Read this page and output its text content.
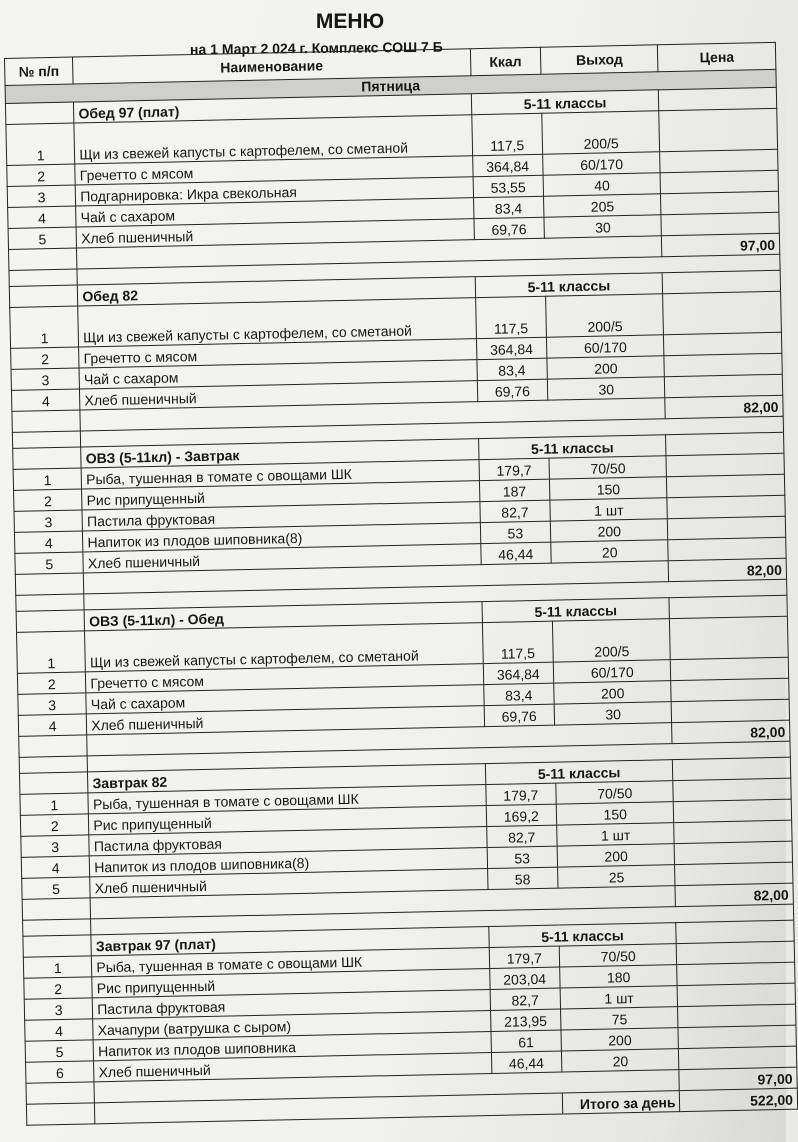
МЕНЮ
на 1 Март 2 024 г. Комплекс СОШ 7 Б
№ п/п	Наименование	Ккал	Выход	Цена
Пятница				
	Обед 97 (плат)	5-11 классы		
1	Щи из свежей капусты с картофелем, со сметаной	117,5	200/5	
2	Гречетто с мясом	364,84	60/170	
3	Подгарнировка: Икра свекольная	53,55	40	
4	Чай с сахаром	83,4	205	
5	Хлеб пшеничный	69,76	30	
				97,00

	Обед 82	5-11 классы		
1	Щи из свежей капусты с картофелем, со сметаной	117,5	200/5	
2	Гречетто с мясом	364,84	60/170	
3	Чай с сахаром	83,4	200	
4	Хлеб пшеничный	69,76	30	
				82,00

	ОВЗ (5-11кл) - Завтрак	5-11 классы		
1	Рыба, тушенная в томате с овощами ШК	179,7	70/50	
2	Рис припущенный	187	150	
3	Пастила фруктовая	82,7	1 шт	
4	Напиток из плодов шиповника(8)	53	200	
5	Хлеб пшеничный	46,44	20	
				82,00

	ОВЗ (5-11кл) - Обед	5-11 классы		
1	Щи из свежей капусты с картофелем, со сметаной	117,5	200/5	
2	Гречетто с мясом	364,84	60/170	
3	Чай с сахаром	83,4	200	
4	Хлеб пшеничный	69,76	30	
				82,00

	Завтрак 82	5-11 классы		
1	Рыба, тушенная в томате с овощами ШК	179,7	70/50	
2	Рис припущенный	169,2	150	
3	Пастила фруктовая	82,7	1 шт	
4	Напиток из плодов шиповника(8)	53	200	
5	Хлеб пшеничный	58	25	
				82,00

	Завтрак 97 (плат)	5-11 классы		
1	Рыба, тушенная в томате с овощами ШК	179,7	70/50	
2	Рис припущенный	203,04	180	
3	Пастила фруктовая	82,7	1 шт	
4	Хачапури (ватрушка с сыром)	213,95	75	
5	Напиток из плодов шиповника	61	200	
6	Хлеб пшеничный	46,44	20	
				97,00
			Итого за день	522,00
